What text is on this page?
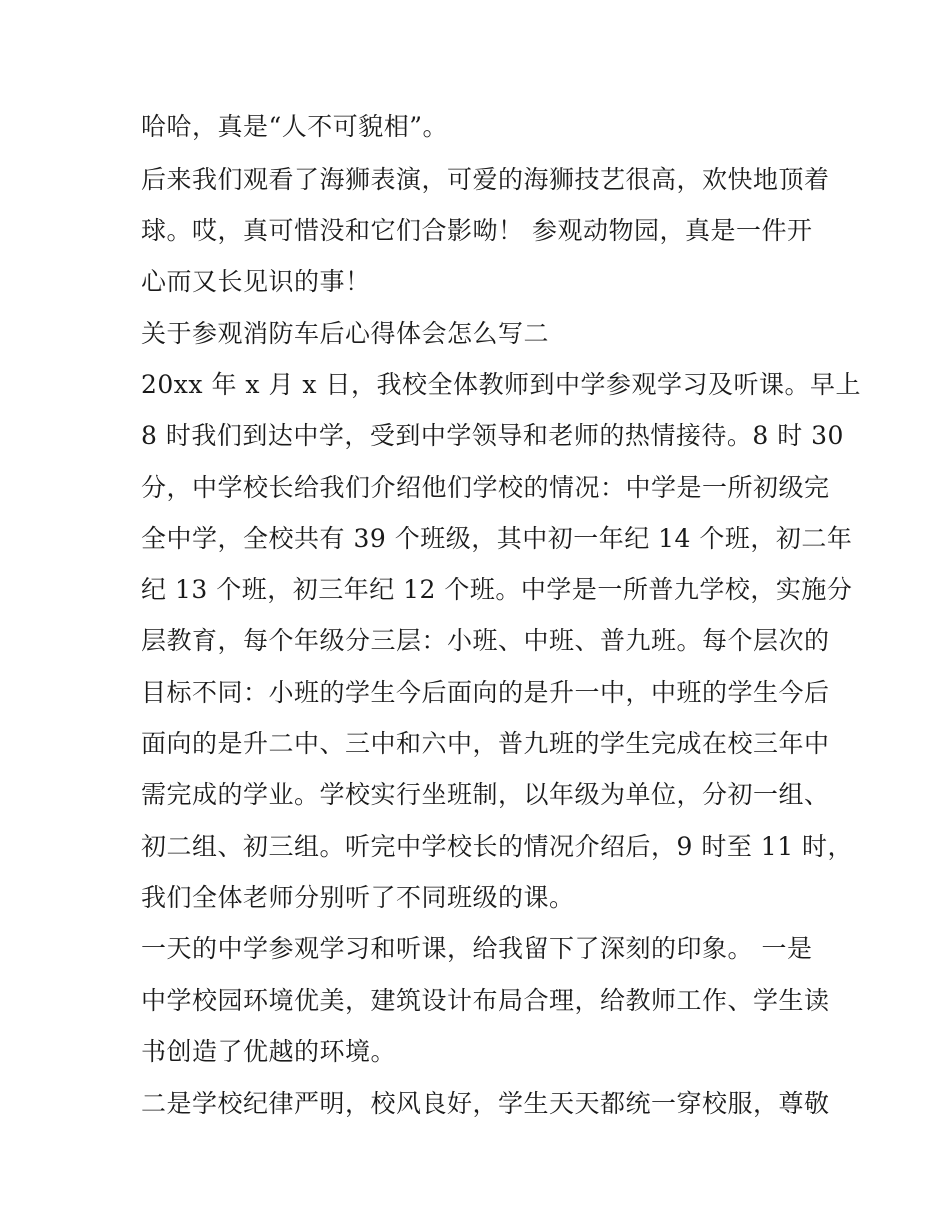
哈哈，真是“人不可貌相”。
后来我们观看了海狮表演，可爱的海狮技艺很高，欢快地顶着
球。哎，真可惜没和它们合影呦！ 参观动物园，真是一件开
心而又长见识的事！
关于参观消防车后心得体会怎么写二
20xx 年 x 月 x 日，我校全体教师到中学参观学习及听课。早上
8 时我们到达中学，受到中学领导和老师的热情接待。8 时 30
分，中学校长给我们介绍他们学校的情况：中学是一所初级完
全中学，全校共有 39 个班级，其中初一年纪 14 个班，初二年
纪 13 个班，初三年纪 12 个班。中学是一所普九学校，实施分
层教育，每个年级分三层：小班、中班、普九班。每个层次的
目标不同：小班的学生今后面向的是升一中，中班的学生今后
面向的是升二中、三中和六中，普九班的学生完成在校三年中
需完成的学业。学校实行坐班制，以年级为单位，分初一组、
初二组、初三组。听完中学校长的情况介绍后，9 时至 11 时，
我们全体老师分别听了不同班级的课。
一天的中学参观学习和听课，给我留下了深刻的印象。 一是
中学校园环境优美，建筑设计布局合理，给教师工作、学生读
书创造了优越的环境。
二是学校纪律严明，校风良好，学生天天都统一穿校服，尊敬
